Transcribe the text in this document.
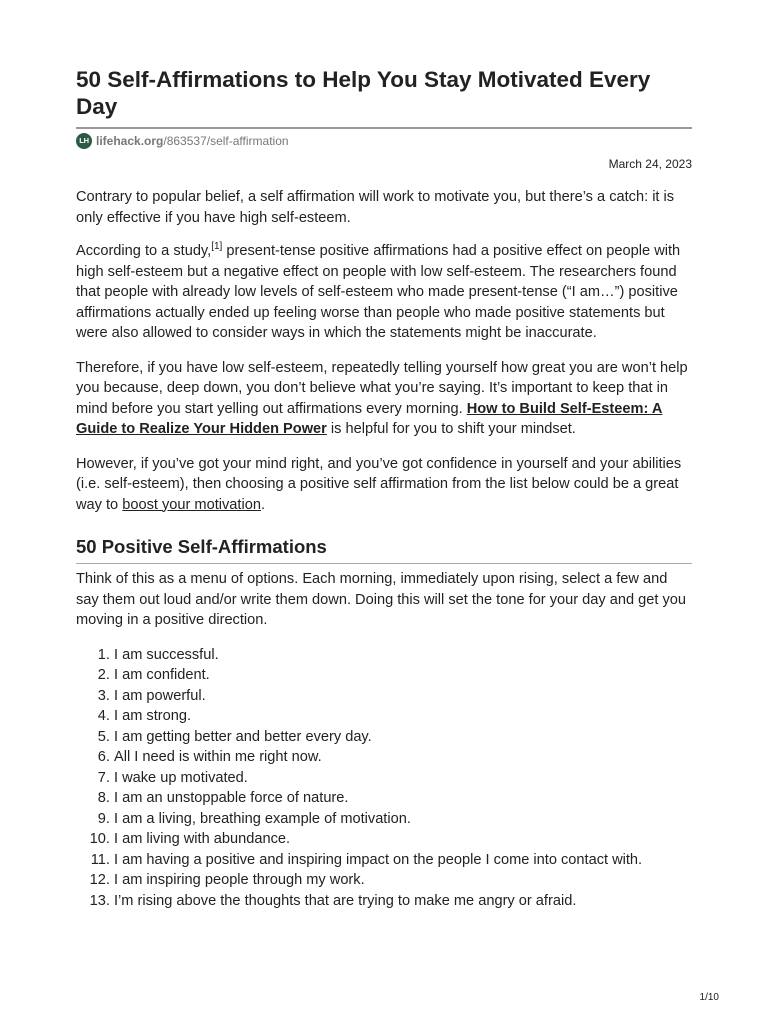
50 Self-Affirmations to Help You Stay Motivated Every Day
LH lifehack.org/863537/self-affirmation
March 24, 2023

Contrary to popular belief, a self affirmation will work to motivate you, but there’s a catch: it is only effective if you have high self-esteem.

According to a study,[1] present-tense positive affirmations had a positive effect on people with high self-esteem but a negative effect on people with low self-esteem. The researchers found that people with already low levels of self-esteem who made present-tense (“I am…”) positive affirmations actually ended up feeling worse than people who made positive statements but were also allowed to consider ways in which the statements might be inaccurate.

Therefore, if you have low self-esteem, repeatedly telling yourself how great you are won’t help you because, deep down, you don’t believe what you’re saying. It’s important to keep that in mind before you start yelling out affirmations every morning. How to Build Self-Esteem: A Guide to Realize Your Hidden Power is helpful for you to shift your mindset.

However, if you’ve got your mind right, and you’ve got confidence in yourself and your abilities (i.e. self-esteem), then choosing a positive self affirmation from the list below could be a great way to boost your motivation.

50 Positive Self-Affirmations

Think of this as a menu of options. Each morning, immediately upon rising, select a few and say them out loud and/or write them down. Doing this will set the tone for your day and get you moving in a positive direction.

1. I am successful.
2. I am confident.
3. I am powerful.
4. I am strong.
5. I am getting better and better every day.
6. All I need is within me right now.
7. I wake up motivated.
8. I am an unstoppable force of nature.
9. I am a living, breathing example of motivation.
10. I am living with abundance.
11. I am having a positive and inspiring impact on the people I come into contact with.
12. I am inspiring people through my work.
13. I’m rising above the thoughts that are trying to make me angry or afraid.
1/10
